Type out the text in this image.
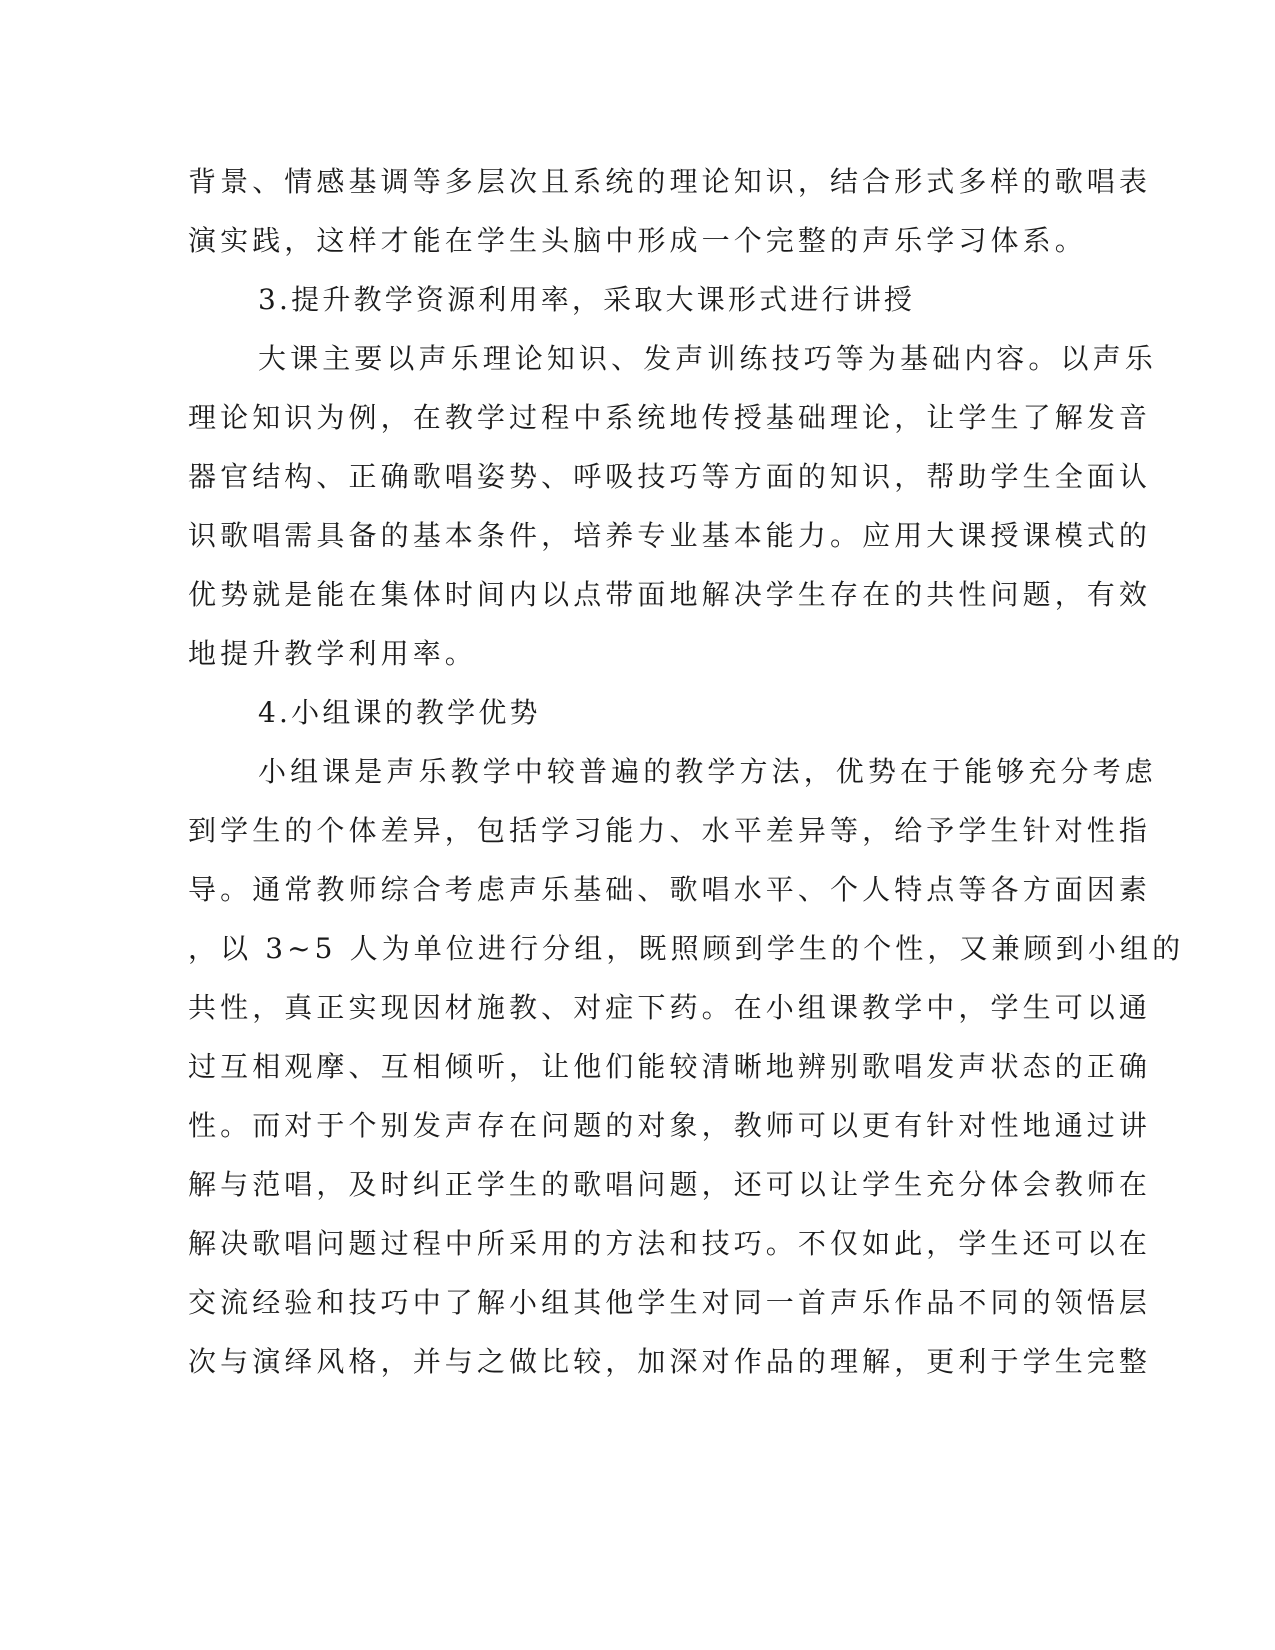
背景、情感基调等多层次且系统的理论知识，结合形式多样的歌唱表
演实践，这样才能在学生头脑中形成一个完整的声乐学习体系。
3.提升教学资源利用率，采取大课形式进行讲授
大课主要以声乐理论知识、发声训练技巧等为基础内容。以声乐
理论知识为例，在教学过程中系统地传授基础理论，让学生了解发音
器官结构、正确歌唱姿势、呼吸技巧等方面的知识，帮助学生全面认
识歌唱需具备的基本条件，培养专业基本能力。应用大课授课模式的
优势就是能在集体时间内以点带面地解决学生存在的共性问题，有效
地提升教学利用率。
4.小组课的教学优势
小组课是声乐教学中较普遍的教学方法，优势在于能够充分考虑
到学生的个体差异，包括学习能力、水平差异等，给予学生针对性指
导。通常教师综合考虑声乐基础、歌唱水平、个人特点等各方面因素
，以 3~5 人为单位进行分组，既照顾到学生的个性，又兼顾到小组的
共性，真正实现因材施教、对症下药。在小组课教学中，学生可以通
过互相观摩、互相倾听，让他们能较清晰地辨别歌唱发声状态的正确
性。而对于个别发声存在问题的对象，教师可以更有针对性地通过讲
解与范唱，及时纠正学生的歌唱问题，还可以让学生充分体会教师在
解决歌唱问题过程中所采用的方法和技巧。不仅如此，学生还可以在
交流经验和技巧中了解小组其他学生对同一首声乐作品不同的领悟层
次与演绎风格，并与之做比较，加深对作品的理解，更利于学生完整
